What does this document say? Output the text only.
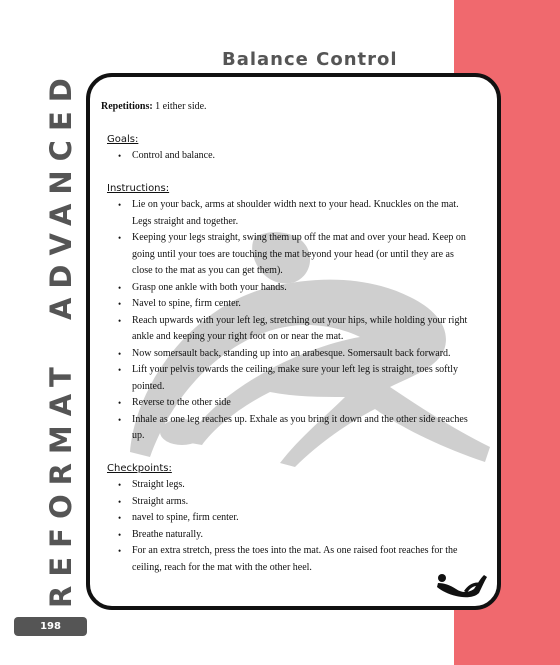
Balance Control
REFORMAT  ADVANCED
198
Repetitions: 1 either side.
Goals:
• Control and balance.
Instructions:
• Lie on your back, arms at shoulder width next to your head. Knuckles on the mat. Legs straight and together.
• Keeping your legs straight, swing them up off the mat and over your head. Keep on going until your toes are touching the mat beyond your head (or until they are as close to the mat as you can get them).
• Grasp one ankle with both your hands.
• Navel to spine, firm center.
• Reach upwards with your left leg, stretching out your hips, while holding your right ankle and keeping your right foot on or near the mat.
• Now somersault back, standing up into an arabesque. Somersault back forward.
• Lift your pelvis towards the ceiling, make sure your left leg is straight, toes softly pointed.
• Reverse to the other side
• Inhale as one leg reaches up. Exhale as you bring it down and the other side reaches up.
Checkpoints:
• Straight legs.
• Straight arms.
• navel to spine, firm center.
• Breathe naturally.
• For an extra stretch, press the toes into the mat. As one raised foot reaches for the ceiling, reach for the mat with the other heel.
